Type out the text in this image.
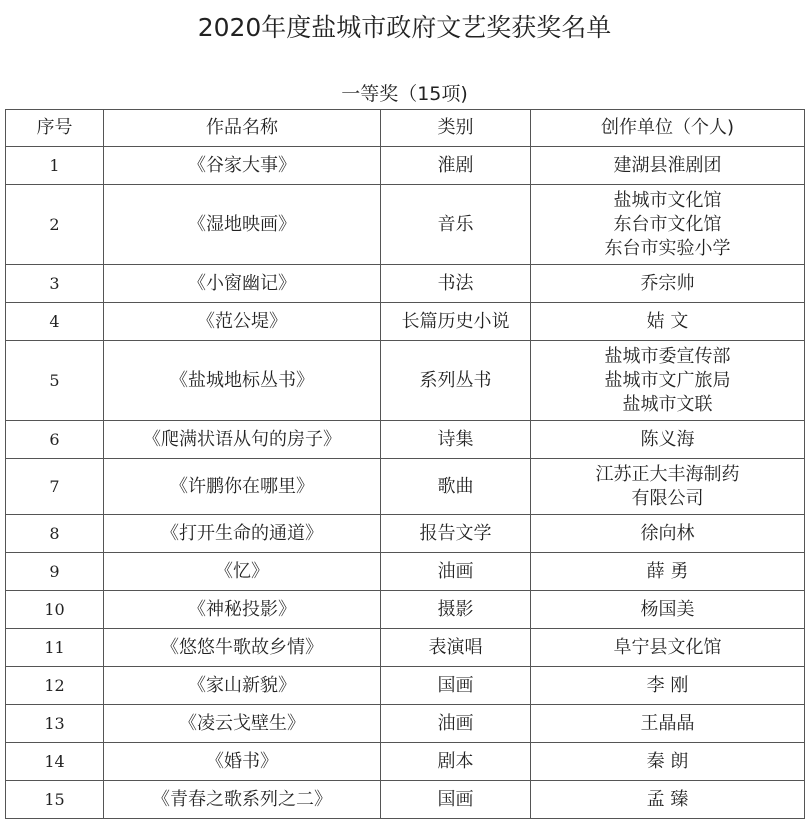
2020年度盐城市政府文艺奖获奖名单
一等奖（15项)
序号	作品名称	类别	创作单位（个人)
1	《谷家大事》	淮剧	建湖县淮剧团

2	《湿地映画》	音乐	盐城市文化馆
东台市文化馆
东台市实验小学

3	《小窗幽记》	书法	乔宗帅

4	《范公堤》	长篇历史小说	姞 文

5	《盐城地标丛书》	系列丛书	盐城市委宣传部
盐城市文广旅局
盐城市文联

6	《爬满状语从句的房子》	诗集	陈义海

7	《许鹏你在哪里》	歌曲	江苏正大丰海制药
有限公司

8	《打开生命的通道》	报告文学	徐向林

9	《忆》	油画	薛 勇

10	《神秘投影》	摄影	杨国美

11	《悠悠牛歌故乡情》	表演唱	阜宁县文化馆

12	《家山新貌》	国画	李 刚

13	《凌云戈壁生》	油画	王晶晶

14	《婚书》	剧本	秦 朗

15	《青春之歌系列之二》	国画	孟 臻
